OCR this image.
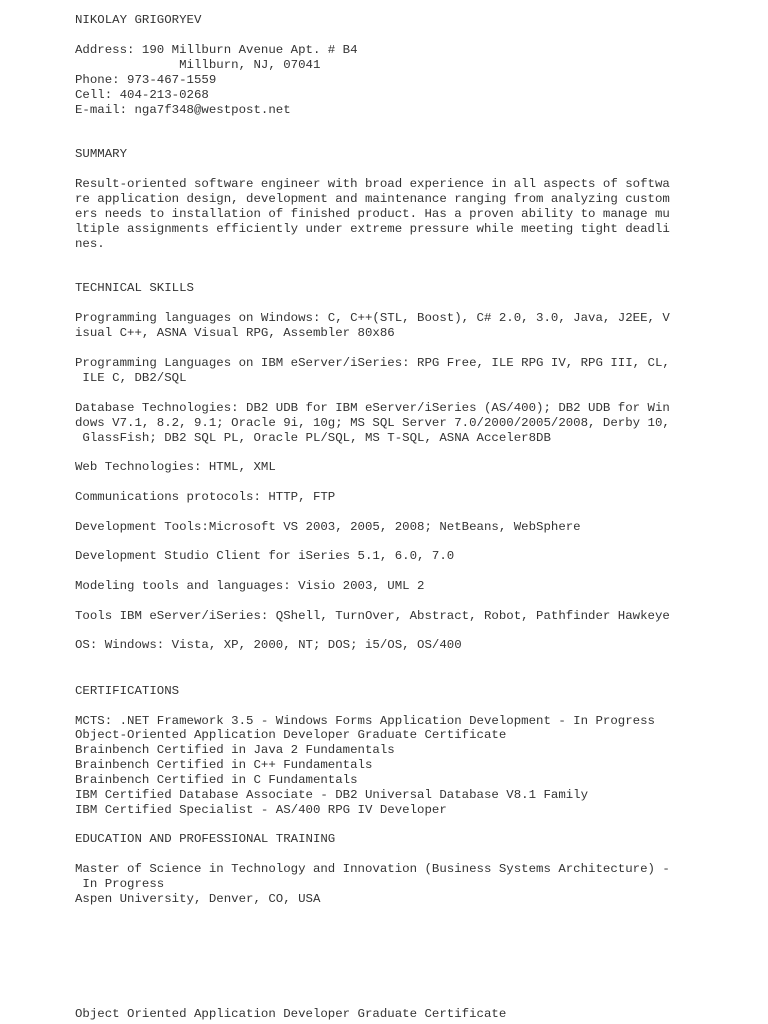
NIKOLAY GRIGORYEV

Address: 190 Millburn Avenue Apt. # B4

Millburn, NJ, 07041

Phone: 973-467-1559

Cell: 404-213-0268

E-mail: nga7f348@westpost.net

SUMMARY

Result-oriented software engineer with broad experience in all aspects of softwa

re application design, development and maintenance ranging from analyzing custom

ers needs to installation of finished product. Has a proven ability to manage mu

ltiple assignments efficiently under extreme pressure while meeting tight deadli

nes.

TECHNICAL SKILLS

Programming languages on Windows: C, C++(STL, Boost), C# 2.0, 3.0, Java, J2EE, V

isual C++, ASNA Visual RPG, Assembler 80x86

Programming Languages on IBM eServer/iSeries: RPG Free, ILE RPG IV, RPG III, CL,

ILE C, DB2/SQL

Database Technologies: DB2 UDB for IBM eServer/iSeries (AS/400); DB2 UDB for Win

dows V7.1, 8.2, 9.1; Oracle 9i, 10g; MS SQL Server 7.0/2000/2005/2008, Derby 10,

GlassFish; DB2 SQL PL, Oracle PL/SQL, MS T-SQL, ASNA Acceler8DB

Web Technologies: HTML, XML

Communications protocols: HTTP, FTP

Development Tools:Microsoft VS 2003, 2005, 2008; NetBeans, WebSphere

Development Studio Client for iSeries 5.1, 6.0, 7.0

Modeling tools and languages: Visio 2003, UML 2

Tools IBM eServer/iSeries: QShell, TurnOver, Abstract, Robot, Pathfinder Hawkeye

OS: Windows: Vista, XP, 2000, NT; DOS; i5/OS, OS/400

CERTIFICATIONS

MCTS: .NET Framework 3.5 - Windows Forms Application Development - In Progress

Object-Oriented Application Developer Graduate Certificate

Brainbench Certified in Java 2 Fundamentals

Brainbench Certified in C++ Fundamentals

Brainbench Certified in C Fundamentals

IBM Certified Database Associate - DB2 Universal Database V8.1 Family

IBM Certified Specialist - AS/400 RPG IV Developer

EDUCATION AND PROFESSIONAL TRAINING

Master of Science in Technology and Innovation (Business Systems Architecture) -

In Progress

Aspen University, Denver, CO, USA

Object Oriented Application Developer Graduate Certificate
